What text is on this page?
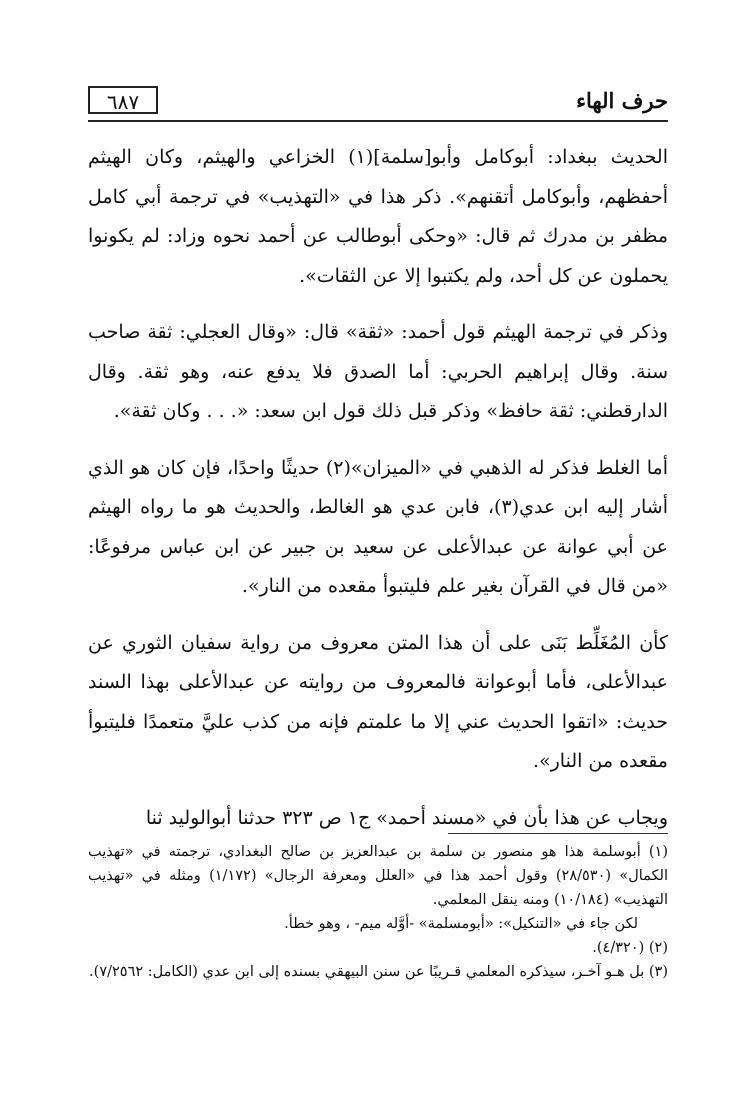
حرف الهاء
٦٨٧

الحديث ببغداد: أبوكامل وأبو[سلمة](١) الخزاعي والهيثم، وكان الهيثم أحفظهم، وأبوكامل أتقنهم». ذكر هذا في «التهذيب» في ترجمة أبي كامل مظفر بن مدرك ثم قال: «وحكى أبوطالب عن أحمد نحوه وزاد: لم يكونوا يحملون عن كل أحد، ولم يكتبوا إلا عن الثقات».

وذكر في ترجمة الهيثم قول أحمد: «ثقة» قال: «وقال العجلي: ثقة صاحب سنة. وقال إبراهيم الحربي: أما الصدق فلا يدفع عنه، وهو ثقة. وقال الدارقطني: ثقة حافظ» وذكر قبل ذلك قول ابن سعد: «. . . وكان ثقة».

أما الغلط فذكر له الذهبي في «الميزان»(٢) حديثًا واحدًا، فإن كان هو الذي أشار إليه ابن عدي(٣)، فابن عدي هو الغالط، والحديث هو ما رواه الهيثم عن أبي عوانة عن عبدالأعلى عن سعيد بن جبير عن ابن عباس مرفوعًا: «من قال في القرآن بغير علم فليتبوأ مقعده من النار».

كأن المُغَلِّط بَنَى على أن هذا المتن معروف من رواية سفيان الثوري عن عبدالأعلى، فأما أبوعوانة فالمعروف من روايته عن عبدالأعلى بهذا السند حديث: «اتقوا الحديث عني إلا ما علمتم فإنه من كذب عليَّ متعمدًا فليتبوأ مقعده من النار».

ويجاب عن هذا بأن في «مسند أحمد» ج١ ص ٣٢٣ حدثنا أبوالوليد ثنا

(١) أبوسلمة هذا هو منصور بن سلمة بن عبدالعزيز بن صالح البغدادي، ترجمته في «تهذيب الكمال» (٢٨/٥٣٠) وقول أحمد هذا في «العلل ومعرفة الرجال» (١/١٧٢) ومثله في «تهذيب التهذيب» (١٠/١٨٤) ومنه ينقل المعلمي.

لكن جاء في «التنكيل»: «أبومسلمة» -أوَّله ميم- ، وهو خطأ.

(٢) (٤/٣٢٠).

(٣) بل هـو آخـر، سيذكره المعلمي قـريبًا عن سنن البيهقي بسنده إلى ابن عدي (الكامل: ٧/٢٥٦٢).
